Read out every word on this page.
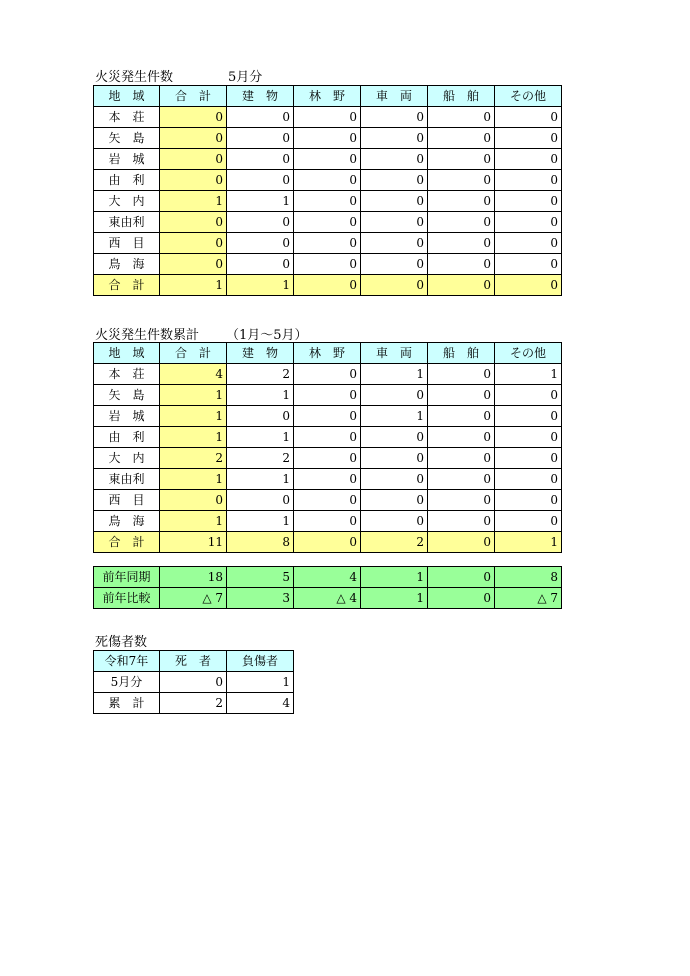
火災発生件数	5月分
地　域	合　計	建　物	林　野	車　両	船　舶	その他
本　荘	0	0	0	0	0	0
矢　島	0	0	0	0	0	0
岩　城	0	0	0	0	0	0
由　利	0	0	0	0	0	0
大　内	1	1	0	0	0	0
東由利	0	0	0	0	0	0
西　目	0	0	0	0	0	0
鳥　海	0	0	0	0	0	0
合　計	1	1	0	0	0	0
火災発生件数累計 （1月～5月）
地　域	合　計	建　物	林　野	車　両	船　舶	その他
本　荘	4	2	0	1	0	1
矢　島	1	1	0	0	0	0
岩　城	1	0	0	1	0	0
由　利	1	1	0	0	0	0
大　内	2	2	0	0	0	0
東由利	1	1	0	0	0	0
西　目	0	0	0	0	0	0
鳥　海	1	1	0	0	0	0
合　計	11	8	0	2	0	1
前年同期	18	5	4	1	0	8
前年比較	△ 7	3	△ 4	1	0	△ 7
死傷者数
令和7年	死　者	負傷者
5月分	0	1
累　計	2	4
